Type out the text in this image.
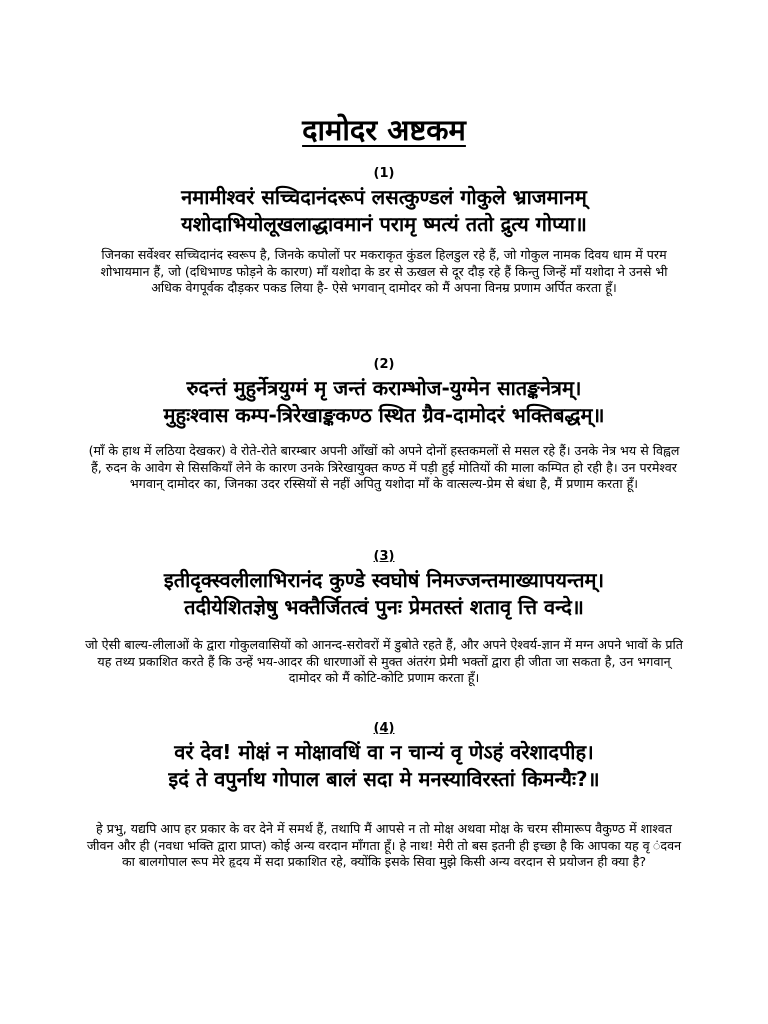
दामोदर अष्टकम

(1)

नमामीश्वरं सच्चिदानंदरूपं लसत्कुण्डलं गोकुले भ्राजमानम्

यशोदाभियोलूखलाद्धावमानं परामृ ष्मत्यं ततो द्रुत्य गोप्या॥

जिनका सर्वेश्वर सच्चिदानंद स्वरूप है, जिनके कपोलों पर मकराकृत कुंडल हिलडुल रहे हैं, जो गोकुल नामक दिवय धाम में परम शोभायमान हैं, जो (दधिभाण्ड फोड़ने के कारण) माँ यशोदा के डर से ऊखल से दूर दौड़ रहे हैं किन्तु जिन्हें माँ यशोदा ने उनसे भी अधिक वेगपूर्वक दौड़कर पकड लिया है- ऐसे भगवान् दामोदर को मैं अपना विनम्र प्रणाम अर्पित करता हूँ।

(2)

रुदन्तं मुहुर्नेत्रयुग्मं मृ जन्तं कराम्भोज-युग्मेन सातङ्कनेत्रम्।

मुहुःश्वास कम्प-त्रिरेखाङ्ककण्ठ स्थित ग्रैव-दामोदरं भक्तिबद्धम्॥

(माँ के हाथ में लठिया देखकर) वे रोते-रोते बारम्बार अपनी आँखों को अपने दोनों हस्तकमलों से मसल रहे हैं। उनके नेत्र भय से विह्वल हैं, रुदन के आवेग से सिसकियाँ लेने के कारण उनके त्रिरेखायुक्त कण्ठ में पड़ी हुई मोतियों की माला कम्पित हो रही है। उन परमेश्वर भगवान् दामोदर का, जिनका उदर रस्सियों से नहीं अपितु यशोदा माँ के वात्सल्य-प्रेम से बंधा है, मैं प्रणाम करता हूँ।

(3)

इतीदृक्स्वलीलाभिरानंद कुण्डे स्वघोषं निमज्जन्तमाख्यापयन्तम्।

तदीयेशितज्ञेषु भक्तैर्जितत्वं पुनः प्रेमतस्तं शतावृ त्ति वन्दे॥

जो ऐसी बाल्य-लीलाओं के द्वारा गोकुलवासियों को आनन्द-सरोवरों में डुबोते रहते हैं, और अपने ऐश्वर्य-ज्ञान में मग्न अपने भावों के प्रति यह तथ्य प्रकाशित करते हैं कि उन्हें भय-आदर की धारणाओं से मुक्त अंतरंग प्रेमी भक्तों द्वारा ही जीता जा सकता है, उन भगवान् दामोदर को मैं कोटि-कोटि प्रणाम करता हूँ।

(4)

वरं देव! मोक्षं न मोक्षावधिं वा न चान्यं वृ णेऽहं वरेशादपीह।

इदं ते वपुर्नाथ गोपाल बालं सदा मे मनस्याविरस्तां किमन्यैः?॥

हे प्रभु, यद्यपि आप हर प्रकार के वर देने में समर्थ हैं, तथापि मैं आपसे न तो मोक्ष अथवा मोक्ष के चरम सीमारूप वैकुण्ठ में शाश्वत जीवन और ही (नवधा भक्ति द्वारा प्राप्त) कोई अन्य वरदान माँगता हूँ। हे नाथ! मेरी तो बस इतनी ही इच्छा है कि आपका यह वृ ंदवन का बालगोपाल रूप मेरे हृदय में सदा प्रकाशित रहे, क्योंकि इसके सिवा मुझे किसी अन्य वरदान से प्रयोजन ही क्या है?
